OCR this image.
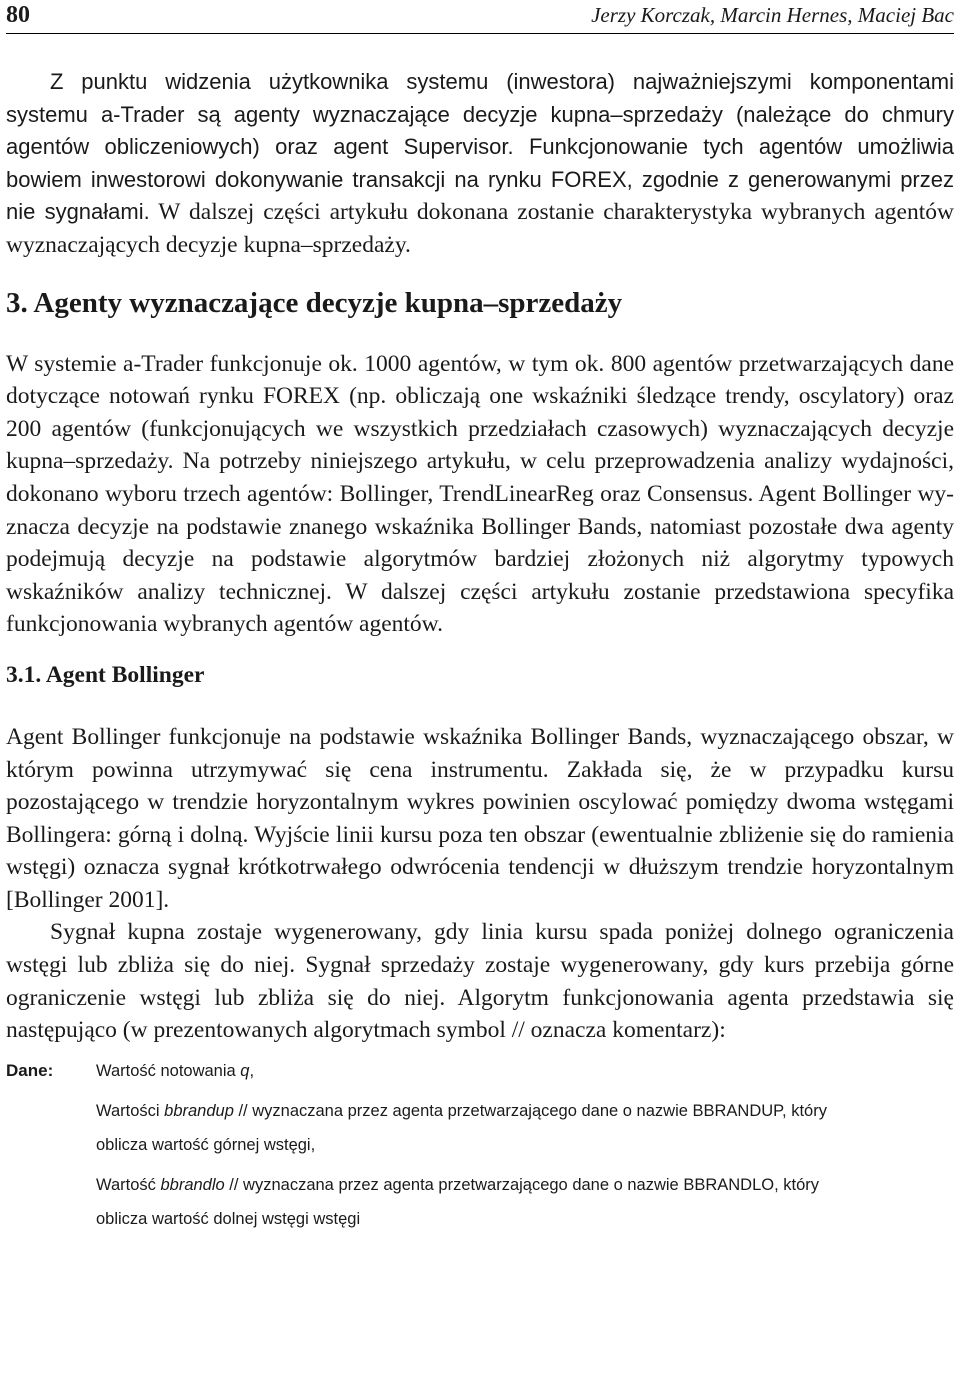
80	Jerzy Korczak, Marcin Hernes, Maciej Bac

Z punktu widzenia użytkownika systemu (inwestora) najważniejszymi komponentami systemu a-Trader są agenty wyznaczające decyzje kupna–sprzedaży (należące do chmury agentów obliczeniowych) oraz agent Supervisor. Funkcjonowanie tych agentów umożliwia bowiem inwestorowi dokonywanie transakcji na rynku FOREX, zgodnie z generowanymi przez nie sygnałami. W dalszej części artykułu dokonana zostanie charakterystyka wybranych agentów wyznaczających decyzje kupna–sprzedaży.

3. Agenty wyznaczające decyzje kupna–sprzedaży

W systemie a-Trader funkcjonuje ok. 1000 agentów, w tym ok. 800 agentów przetwarzających dane dotyczące notowań rynku FOREX (np. obliczają one wskaźniki śledzące trendy, oscylatory) oraz 200 agentów (funkcjonujących we wszystkich przedziałach czasowych) wyznaczających decyzje kupna–sprzedaży. Na potrzeby niniejszego artykułu, w celu przeprowadzenia analizy wydajności, dokonano wyboru trzech agentów: Bollinger, TrendLinearReg oraz Consensus. Agent Bollinger wyznacza decyzje na podstawie znanego wskaźnika Bollinger Bands, natomiast pozostałe dwa agenty podejmują decyzje na podstawie algorytmów bardziej złożonych niż algorytmy typowych wskaźników analizy technicznej. W dalszej części artykułu zostanie przedstawiona specyfika funkcjonowania wybranych agentów agentów.

3.1. Agent Bollinger

Agent Bollinger funkcjonuje na podstawie wskaźnika Bollinger Bands, wyznaczającego obszar, w którym powinna utrzymywać się cena instrumentu. Zakłada się, że w przypadku kursu pozostającego w trendzie horyzontalnym wykres powinien oscylować pomiędzy dwoma wstęgami Bollingera: górną i dolną. Wyjście linii kursu poza ten obszar (ewentualnie zbliżenie się do ramienia wstęgi) oznacza sygnał krótkotrwałego odwrócenia tendencji w dłuższym trendzie horyzontalnym [Bollinger 2001].

Sygnał kupna zostaje wygenerowany, gdy linia kursu spada poniżej dolnego ograniczenia wstęgi lub zbliża się do niej. Sygnał sprzedaży zostaje wygenerowany, gdy kurs przebija górne ograniczenie wstęgi lub zbliża się do niej. Algorytm funkcjonowania agenta przedstawia się następująco (w prezentowanych algorytmach symbol // oznacza komentarz):

Dane:	Wartość notowania q,

Wartości bbrandup // wyznaczana przez agenta przetwarzającego dane o nazwie BBRANDUP, który

oblicza wartość górnej wstęgi,

Wartość bbrandlo // wyznaczana przez agenta przetwarzającego dane o nazwie BBRANDLO, który

oblicza wartość dolnej wstęgi wstęgi
